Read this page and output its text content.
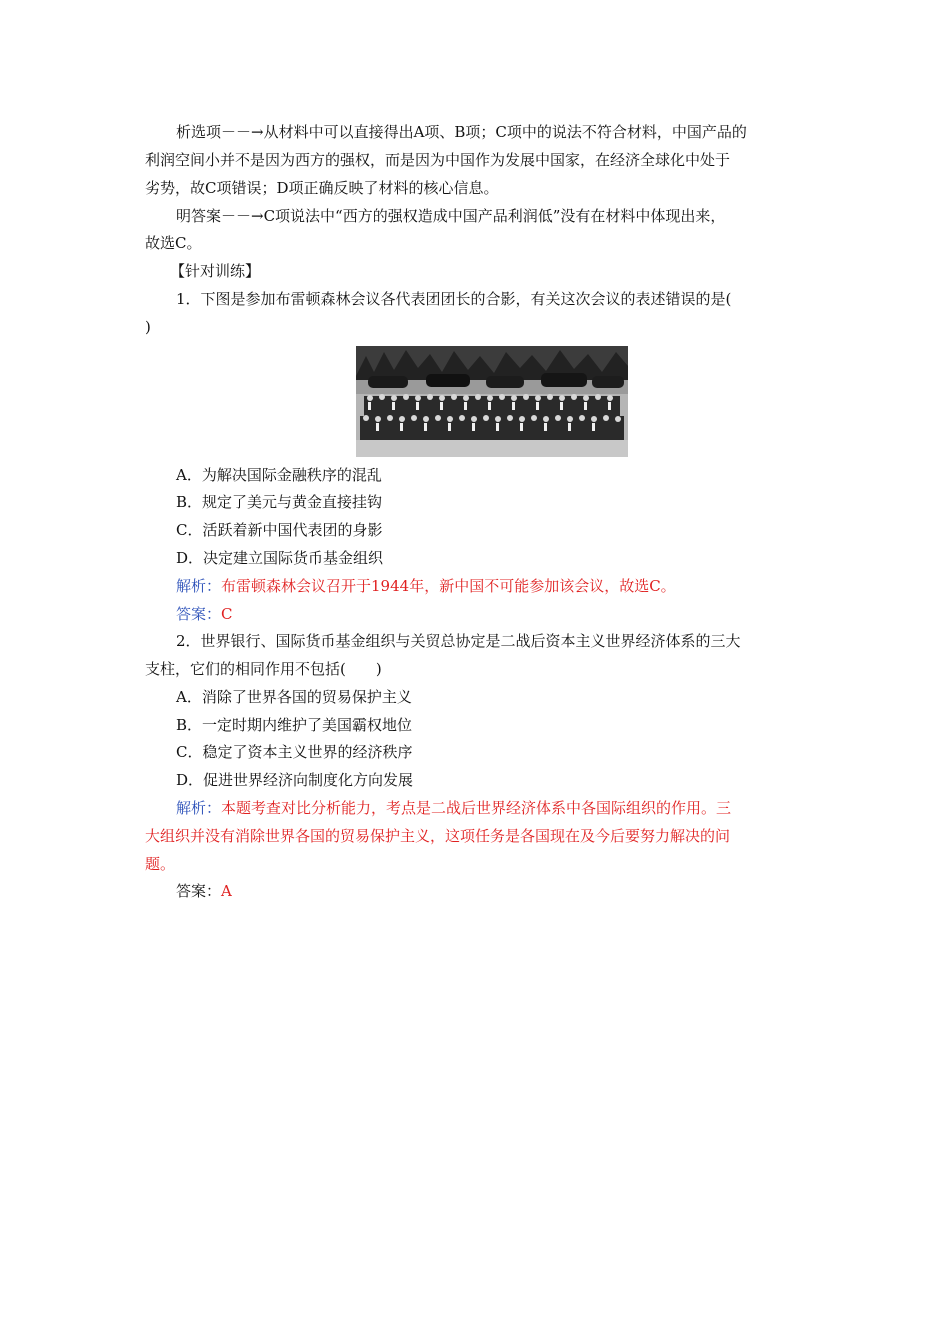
析选项－－→从材料中可以直接得出A项、B项；C项中的说法不符合材料，中国产品的
利润空间小并不是因为西方的强权，而是因为中国作为发展中国家，在经济全球化中处于
劣势，故C项错误；D项正确反映了材料的核心信息。
明答案－－→C项说法中“西方的强权造成中国产品利润低”没有在材料中体现出来，
故选C。
【针对训练】
1．下图是参加布雷顿森林会议各代表团团长的合影，有关这次会议的表述错误的是(
)
A．为解决国际金融秩序的混乱
B．规定了美元与黄金直接挂钩
C．活跃着新中国代表团的身影
D．决定建立国际货币基金组织
解析：布雷顿森林会议召开于1944年，新中国不可能参加该会议，故选C。
答案：C
2．世界银行、国际货币基金组织与关贸总协定是二战后资本主义世界经济体系的三大
支柱，它们的相同作用不包括(　　)
A．消除了世界各国的贸易保护主义
B．一定时期内维护了美国霸权地位
C．稳定了资本主义世界的经济秩序
D．促进世界经济向制度化方向发展
解析：本题考查对比分析能力，考点是二战后世界经济体系中各国际组织的作用。三
大组织并没有消除世界各国的贸易保护主义，这项任务是各国现在及今后要努力解决的问
题。
答案：A
